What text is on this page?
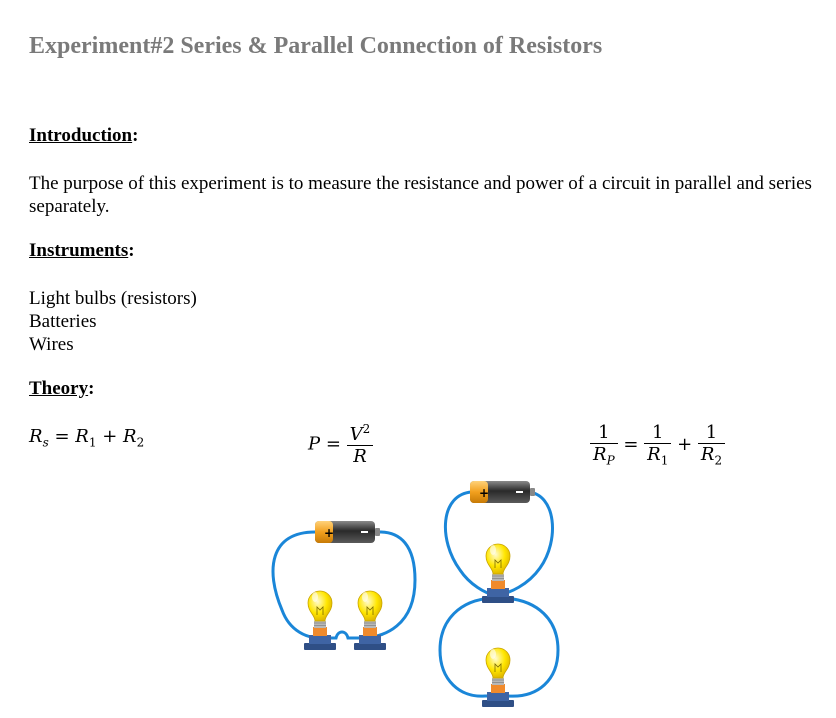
Experiment#2 Series & Parallel Connection of Resistors
Introduction:
The purpose of this experiment is to measure the resistance and power of a circuit in parallel and series separately.
Instruments:
Light bulbs (resistors)
Batteries
Wires
Theory:
$R_s = R_1 + R_2$	$P = \frac{V^2}{R}$	$\frac{1}{R_P} = \frac{1}{R_1} + \frac{1}{R_2}$
+
